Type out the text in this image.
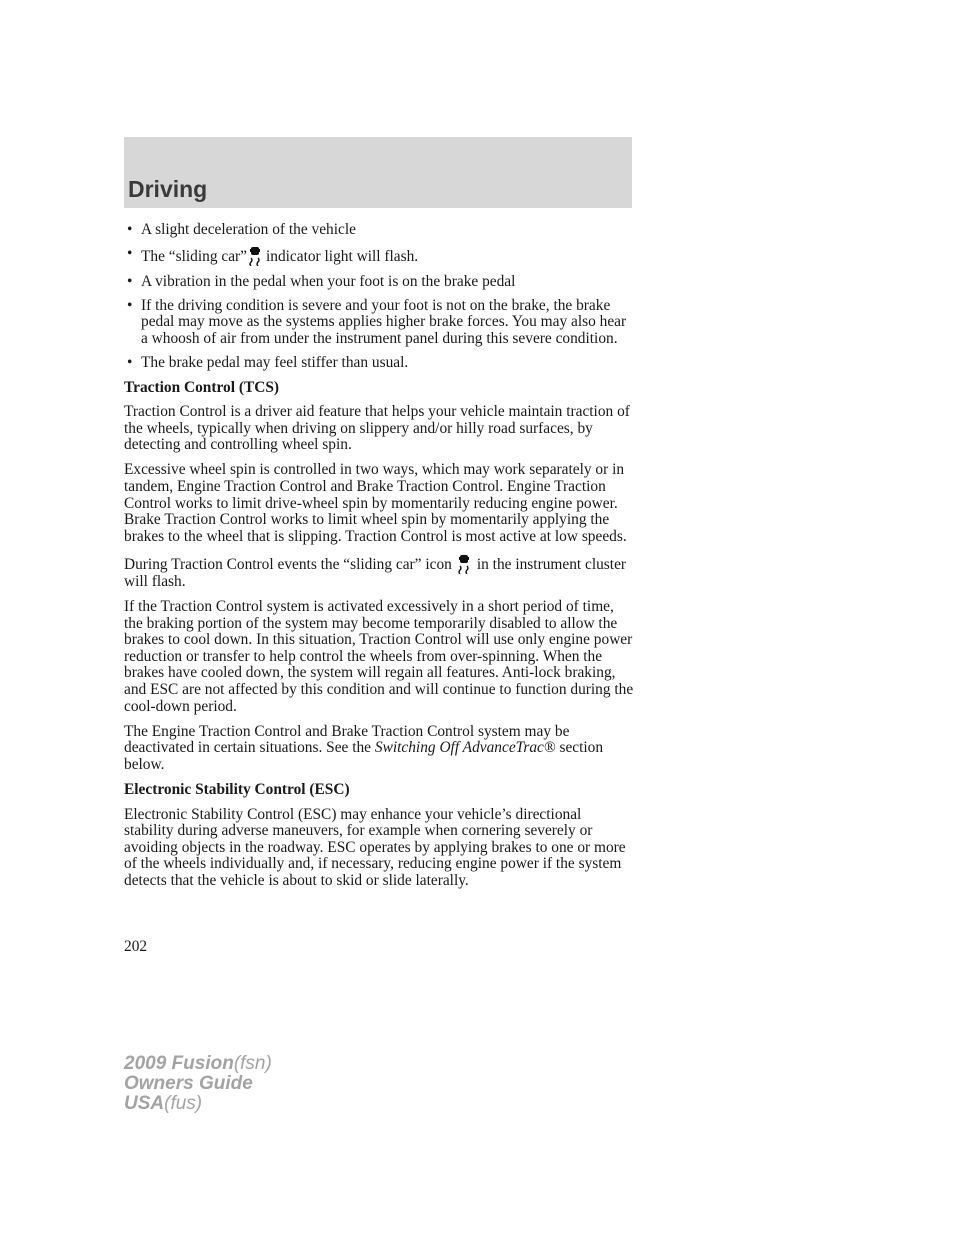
Driving
• A slight deceleration of the vehicle
• The “sliding car” indicator light will flash.
• A vibration in the pedal when your foot is on the brake pedal
• If the driving condition is severe and your foot is not on the brake, the brake pedal may move as the systems applies higher brake forces. You may also hear a whoosh of air from under the instrument panel during this severe condition.
• The brake pedal may feel stiffer than usual.
Traction Control (TCS)

Traction Control is a driver aid feature that helps your vehicle maintain traction of the wheels, typically when driving on slippery and/or hilly road surfaces, by detecting and controlling wheel spin.

Excessive wheel spin is controlled in two ways, which may work separately or in tandem, Engine Traction Control and Brake Traction Control. Engine Traction Control works to limit drive-wheel spin by momentarily reducing engine power. Brake Traction Control works to limit wheel spin by momentarily applying the brakes to the wheel that is slipping. Traction Control is most active at low speeds.

During Traction Control events the “sliding car” icon in the instrument cluster will flash.

If the Traction Control system is activated excessively in a short period of time, the braking portion of the system may become temporarily disabled to allow the brakes to cool down. In this situation, Traction Control will use only engine power reduction or transfer to help control the wheels from over-spinning. When the brakes have cooled down, the system will regain all features. Anti-lock braking, and ESC are not affected by this condition and will continue to function during the cool-down period.

The Engine Traction Control and Brake Traction Control system may be deactivated in certain situations. See the Switching Off AdvanceTrac® section below.

Electronic Stability Control (ESC)

Electronic Stability Control (ESC) may enhance your vehicle’s directional stability during adverse maneuvers, for example when cornering severely or avoiding objects in the roadway. ESC operates by applying brakes to one or more of the wheels individually and, if necessary, reducing engine power if the system detects that the vehicle is about to skid or slide laterally.

202
2009 Fusion(fsn)
Owners Guide
USA(fus)
